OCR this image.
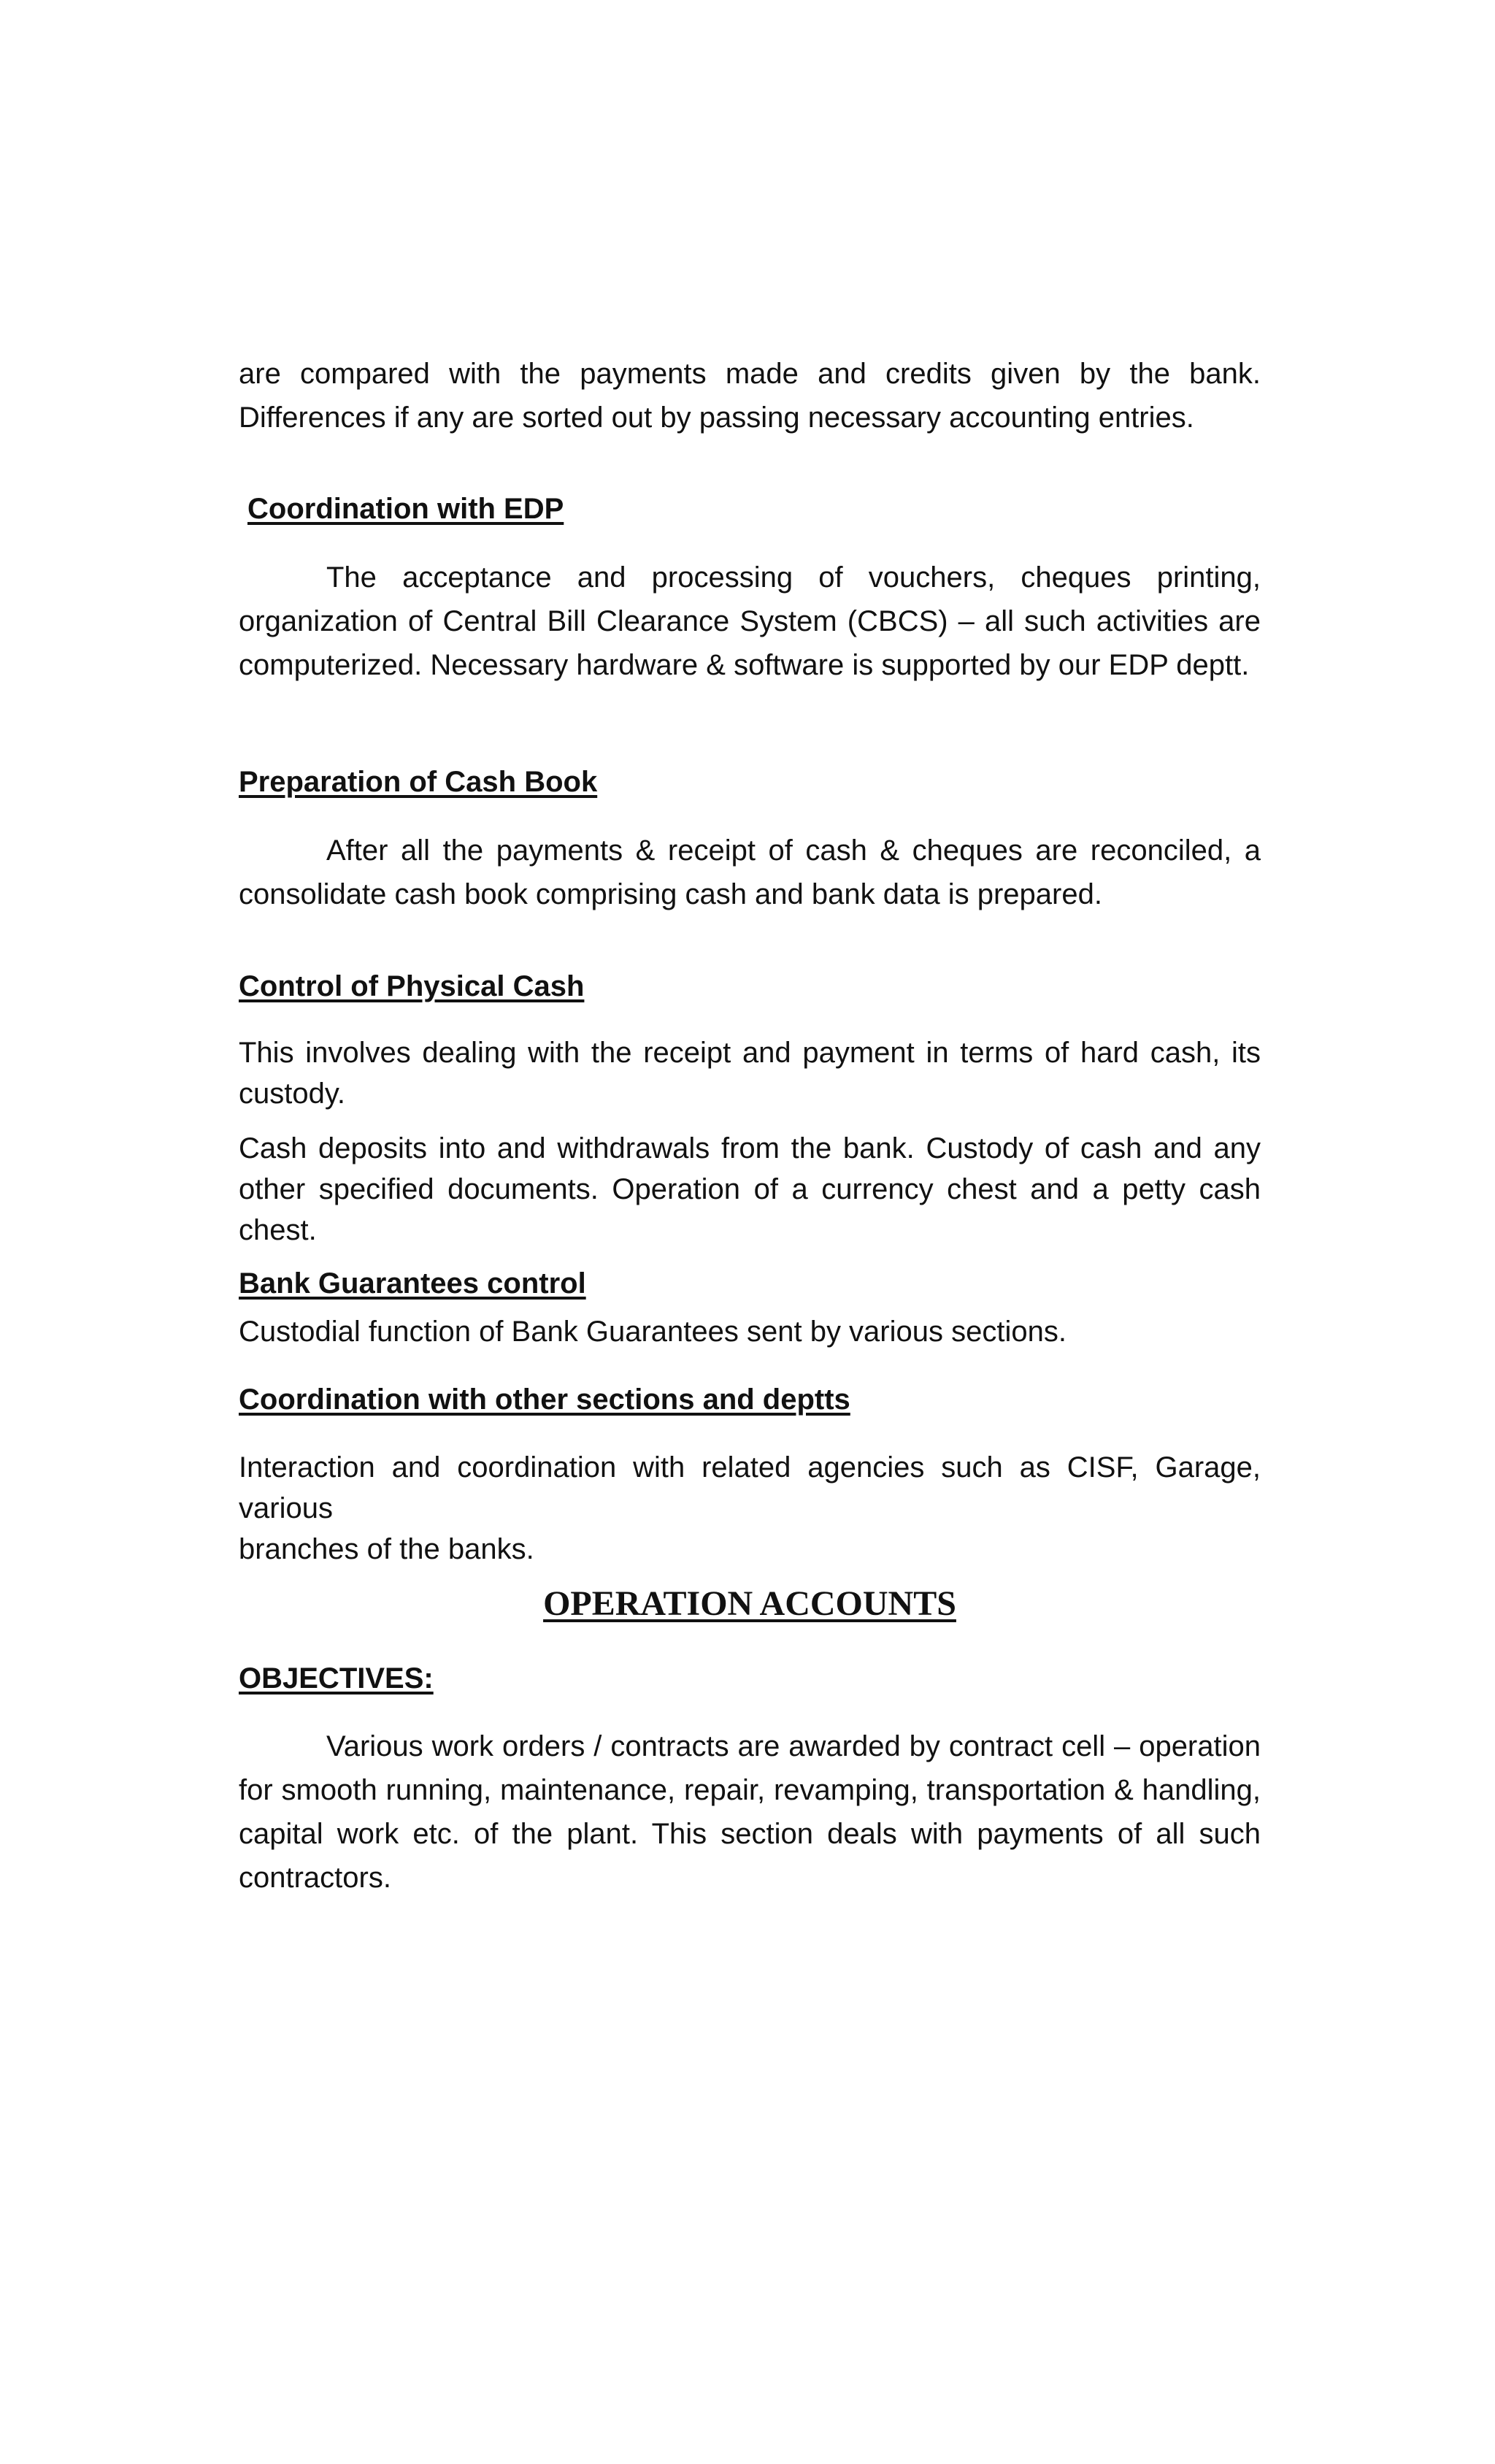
are compared with the payments made and credits given by the bank. Differences if any are sorted out by passing necessary accounting entries.

Coordination with EDP

The acceptance and processing of vouchers, cheques printing, organization of Central Bill Clearance System (CBCS) – all such activities are computerized. Necessary hardware & software is supported by our EDP deptt.

Preparation of Cash Book

After all the payments & receipt of cash & cheques are reconciled, a consolidate cash book comprising cash and bank data is prepared.

Control of Physical Cash

This involves dealing with the receipt and payment in terms of hard cash, its custody.

Cash deposits into and withdrawals from the bank. Custody of cash and any other specified documents. Operation of a currency chest and a petty cash chest.

Bank Guarantees control

Custodial function of Bank Guarantees sent by various sections.

Coordination with other sections and deptts

Interaction and coordination with related agencies such as CISF, Garage, various
branches of the banks.

OPERATION ACCOUNTS
OBJECTIVES:

Various work orders / contracts are awarded by contract cell – operation for smooth running, maintenance, repair, revamping, transportation & handling, capital work etc. of the plant. This section deals with payments of all such contractors.
